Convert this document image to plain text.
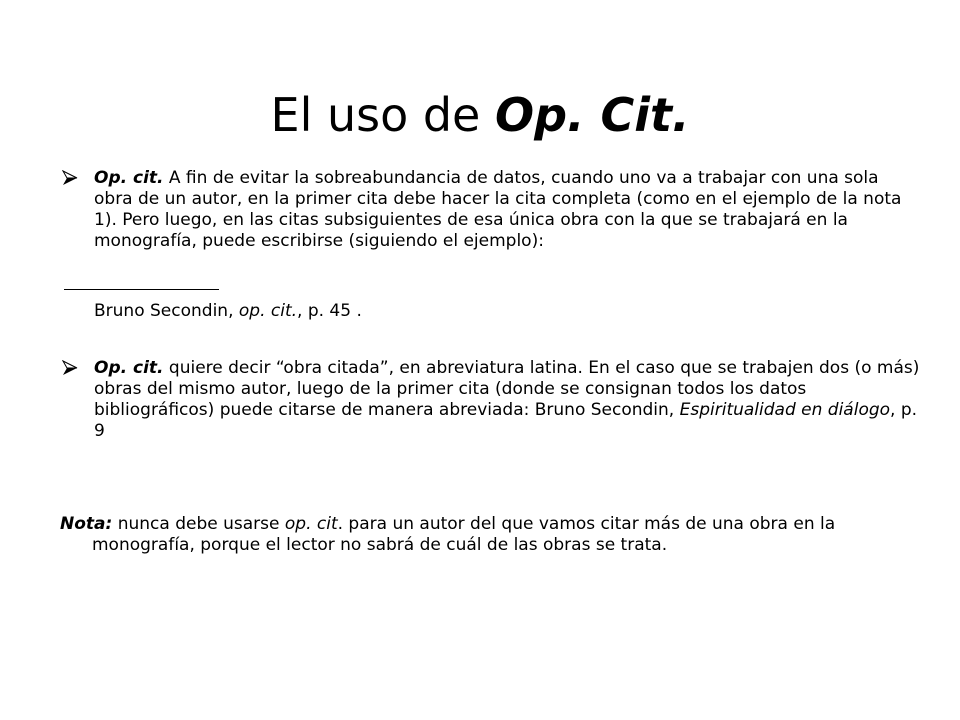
El uso de Op. Cit.
Op. cit. A fin de evitar la sobreabundancia de datos, cuando uno va a trabajar con una sola obra de un autor, en la primer cita debe hacer la cita completa (como en el ejemplo de la nota 1). Pero luego, en las citas subsiguientes de esa única obra con la que se trabajará en la monografía, puede escribirse (siguiendo el ejemplo):
Bruno Secondin, op. cit., p. 45 .
Op. cit. quiere decir “obra citada”, en abreviatura latina. En el caso que se trabajen dos (o más) obras del mismo autor, luego de la primer cita (donde se consignan todos los datos bibliográficos) puede citarse de manera abreviada: Bruno Secondin, Espiritualidad en diálogo, p. 9
Nota: nunca debe usarse op. cit. para un autor del que vamos citar más de una obra en la monografía, porque el lector no sabrá de cuál de las obras se trata.
